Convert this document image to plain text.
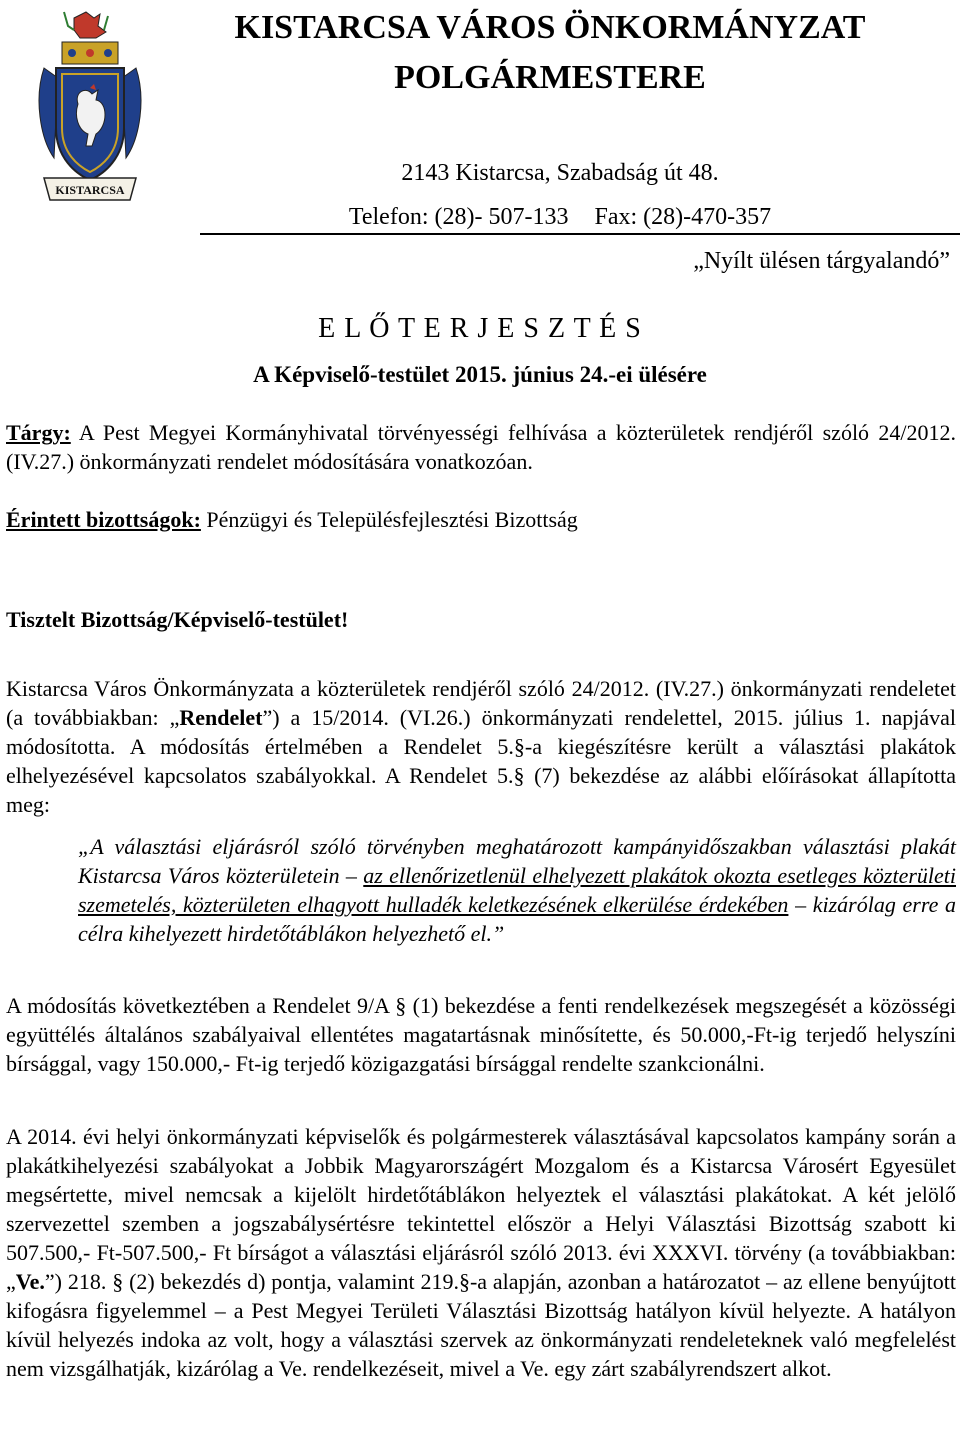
KISTARCSA
KISTARCSA VÁROS ÖNKORMÁNYZAT
POLGÁRMESTERE
2143 Kistarcsa, Szabadság út 48.
Telefon: (28)- 507-133 Fax: (28)-470-357
„Nyílt ülésen tárgyalandó”
E L Ő T E R J E S Z T É S
A Képviselő-testület 2015. június 24.-ei ülésére
Tárgy: A Pest Megyei Kormányhivatal törvényességi felhívása a közterületek rendjéről szóló 24/2012. (IV.27.) önkormányzati rendelet módosítására vonatkozóan.
Érintett bizottságok: Pénzügyi és Településfejlesztési Bizottság
Tisztelt Bizottság/Képviselő-testület!
Kistarcsa Város Önkormányzata a közterületek rendjéről szóló 24/2012. (IV.27.) önkormányzati rendeletet (a továbbiakban: „Rendelet”) a 15/2014. (VI.26.) önkormányzati rendelettel, 2015. július 1. napjával módosította. A módosítás értelmében a Rendelet 5.§-a kiegészítésre került a választási plakátok elhelyezésével kapcsolatos szabályokkal. A Rendelet 5.§ (7) bekezdése az alábbi előírásokat állapította meg:
„A választási eljárásról szóló törvényben meghatározott kampányidőszakban választási plakát Kistarcsa Város közterületein – az ellenőrizetlenül elhelyezett plakátok okozta esetleges közterületi szemetelés, közterületen elhagyott hulladék keletkezésének elkerülése érdekében – kizárólag erre a célra kihelyezett hirdetőtáblákon helyezhető el.”
A módosítás következtében a Rendelet 9/A § (1) bekezdése a fenti rendelkezések megszegését a közösségi együttélés általános szabályaival ellentétes magatartásnak minősítette, és 50.000,-Ft-ig terjedő helyszíni bírsággal, vagy 150.000,- Ft-ig terjedő közigazgatási bírsággal rendelte szankcionálni.
A 2014. évi helyi önkormányzati képviselők és polgármesterek választásával kapcsolatos kampány során a plakátkihelyezési szabályokat a Jobbik Magyarországért Mozgalom és a Kistarcsa Városért Egyesület megsértette, mivel nemcsak a kijelölt hirdetőtáblákon helyeztek el választási plakátokat. A két jelölő szervezettel szemben a jogszabálysértésre tekintettel először a Helyi Választási Bizottság szabott ki 507.500,- Ft-507.500,- Ft bírságot a választási eljárásról szóló 2013. évi XXXVI. törvény (a továbbiakban: „Ve.”) 218. § (2) bekezdés d) pontja, valamint 219.§-a alapján, azonban a határozatot – az ellene benyújtott kifogásra figyelemmel – a Pest Megyei Területi Választási Bizottság hatályon kívül helyezte. A hatályon kívül helyezés indoka az volt, hogy a választási szervek az önkormányzati rendeleteknek való megfelelést nem vizsgálhatják, kizárólag a Ve. rendelkezéseit, mivel a Ve. egy zárt szabályrendszert alkot.
